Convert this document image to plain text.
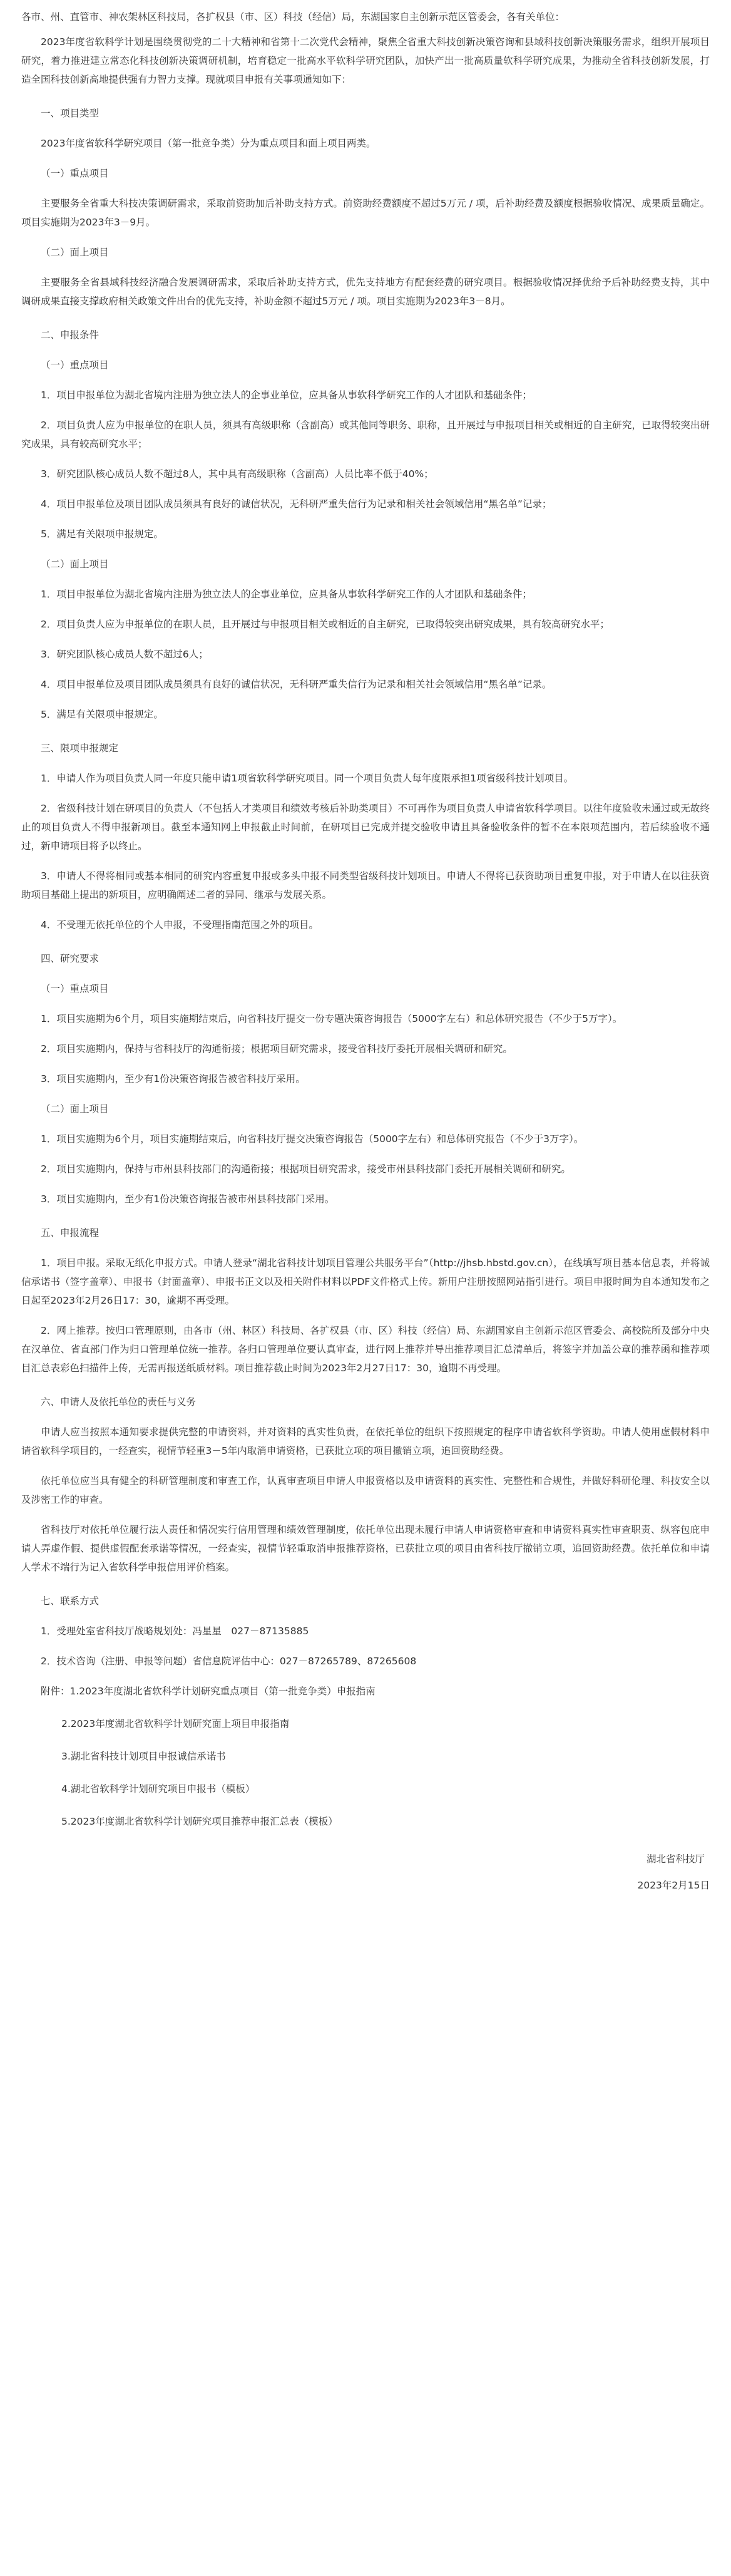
各市、州、直管市、神农架林区科技局，各扩权县（市、区）科技（经信）局，东湖国家自主创新示范区管委会，各有关单位：

2023年度省软科学计划是围绕贯彻党的二十大精神和省第十二次党代会精神，聚焦全省重大科技创新决策咨询和县域科技创新决策服务需求，组织开展项目研究，着力推进建立常态化科技创新决策调研机制，培育稳定一批高水平软科学研究团队，加快产出一批高质量软科学研究成果，为推动全省科技创新发展，打造全国科技创新高地提供强有力智力支撑。现就项目申报有关事项通知如下：

一、项目类型

2023年度省软科学研究项目（第一批竞争类）分为重点项目和面上项目两类。

（一）重点项目

主要服务全省重大科技决策调研需求，采取前资助加后补助支持方式。前资助经费额度不超过5万元 / 项，后补助经费及额度根据验收情况、成果质量确定。项目实施期为2023年3－9月。

（二）面上项目

主要服务全省县域科技经济融合发展调研需求，采取后补助支持方式，优先支持地方有配套经费的研究项目。根据验收情况择优给予后补助经费支持，其中调研成果直接支撑政府相关政策文件出台的优先支持，补助金额不超过5万元 / 项。项目实施期为2023年3－8月。

二、申报条件

（一）重点项目

1．项目申报单位为湖北省境内注册为独立法人的企事业单位，应具备从事软科学研究工作的人才团队和基础条件；

2．项目负责人应为申报单位的在职人员，须具有高级职称（含副高）或其他同等职务、职称，且开展过与申报项目相关或相近的自主研究，已取得较突出研究成果，具有较高研究水平；

3．研究团队核心成员人数不超过8人，其中具有高级职称（含副高）人员比率不低于40%；

4．项目申报单位及项目团队成员须具有良好的诚信状况，无科研严重失信行为记录和相关社会领域信用“黑名单”记录；

5．满足有关限项申报规定。

（二）面上项目

1．项目申报单位为湖北省境内注册为独立法人的企事业单位，应具备从事软科学研究工作的人才团队和基础条件；

2．项目负责人应为申报单位的在职人员，且开展过与申报项目相关或相近的自主研究，已取得较突出研究成果，具有较高研究水平；

3．研究团队核心成员人数不超过6人；

4．项目申报单位及项目团队成员须具有良好的诚信状况，无科研严重失信行为记录和相关社会领域信用“黑名单”记录。

5．满足有关限项申报规定。

三、限项申报规定

1．申请人作为项目负责人同一年度只能申请1项省软科学研究项目。同一个项目负责人每年度限承担1项省级科技计划项目。

2．省级科技计划在研项目的负责人（不包括人才类项目和绩效考核后补助类项目）不可再作为项目负责人申请省软科学项目。以往年度验收未通过或无故终止的项目负责人不得申报新项目。截至本通知网上申报截止时间前，在研项目已完成并提交验收申请且具备验收条件的暂不在本限项范围内，若后续验收不通过，新申请项目将予以终止。

3．申请人不得将相同或基本相同的研究内容重复申报或多头申报不同类型省级科技计划项目。申请人不得将已获资助项目重复申报，对于申请人在以往获资助项目基础上提出的新项目，应明确阐述二者的异同、继承与发展关系。

4．不受理无依托单位的个人申报，不受理指南范围之外的项目。

四、研究要求

（一）重点项目

1．项目实施期为6个月，项目实施期结束后，向省科技厅提交一份专题决策咨询报告（5000字左右）和总体研究报告（不少于5万字）。

2．项目实施期内，保持与省科技厅的沟通衔接；根据项目研究需求，接受省科技厅委托开展相关调研和研究。

3．项目实施期内，至少有1份决策咨询报告被省科技厅采用。

（二）面上项目

1．项目实施期为6个月，项目实施期结束后，向省科技厅提交决策咨询报告（5000字左右）和总体研究报告（不少于3万字）。

2．项目实施期内，保持与市州县科技部门的沟通衔接；根据项目研究需求，接受市州县科技部门委托开展相关调研和研究。

3．项目实施期内，至少有1份决策咨询报告被市州县科技部门采用。

五、申报流程

1．项目申报。采取无纸化申报方式。申请人登录“湖北省科技计划项目管理公共服务平台”（http://jhsb.hbstd.gov.cn），在线填写项目基本信息表，并将诚信承诺书（签字盖章）、申报书（封面盖章）、申报书正文以及相关附件材料以PDF文件格式上传。新用户注册按照网站指引进行。项目申报时间为自本通知发布之日起至2023年2月26日17：30，逾期不再受理。

2．网上推荐。按归口管理原则，由各市（州、林区）科技局、各扩权县（市、区）科技（经信）局、东湖国家自主创新示范区管委会、高校院所及部分中央在汉单位、省直部门作为归口管理单位统一推荐。各归口管理单位要认真审查，进行网上推荐并导出推荐项目汇总清单后，将签字并加盖公章的推荐函和推荐项目汇总表彩色扫描件上传，无需再报送纸质材料。项目推荐截止时间为2023年2月27日17：30，逾期不再受理。

六、申请人及依托单位的责任与义务

申请人应当按照本通知要求提供完整的申请资料，并对资料的真实性负责，在依托单位的组织下按照规定的程序申请省软科学资助。申请人使用虚假材料申请省软科学项目的，一经查实，视情节轻重3－5年内取消申请资格，已获批立项的项目撤销立项，追回资助经费。

依托单位应当具有健全的科研管理制度和审查工作，认真审查项目申请人申报资格以及申请资料的真实性、完整性和合规性，并做好科研伦理、科技安全以及涉密工作的审查。

省科技厅对依托单位履行法人责任和情况实行信用管理和绩效管理制度，依托单位出现未履行申请人申请资格审查和申请资料真实性审查职责、纵容包庇申请人弄虚作假、提供虚假配套承诺等情况，一经查实，视情节轻重取消申报推荐资格，已获批立项的项目由省科技厅撤销立项，追回资助经费。依托单位和申请人学术不端行为记入省软科学申报信用评价档案。

七、联系方式

1．受理处室省科技厅战略规划处：冯星星　027－87135885

2．技术咨询（注册、申报等问题）省信息院评估中心：027－87265789、87265608

附件：1.2023年度湖北省软科学计划研究重点项目（第一批竞争类）申报指南

2.2023年度湖北省软科学计划研究面上项目申报指南

3.湖北省科技计划项目申报诚信承诺书

4.湖北省软科学计划研究项目申报书（模板）

5.2023年度湖北省软科学计划研究项目推荐申报汇总表（模板）

湖北省科技厅

2023年2月15日
